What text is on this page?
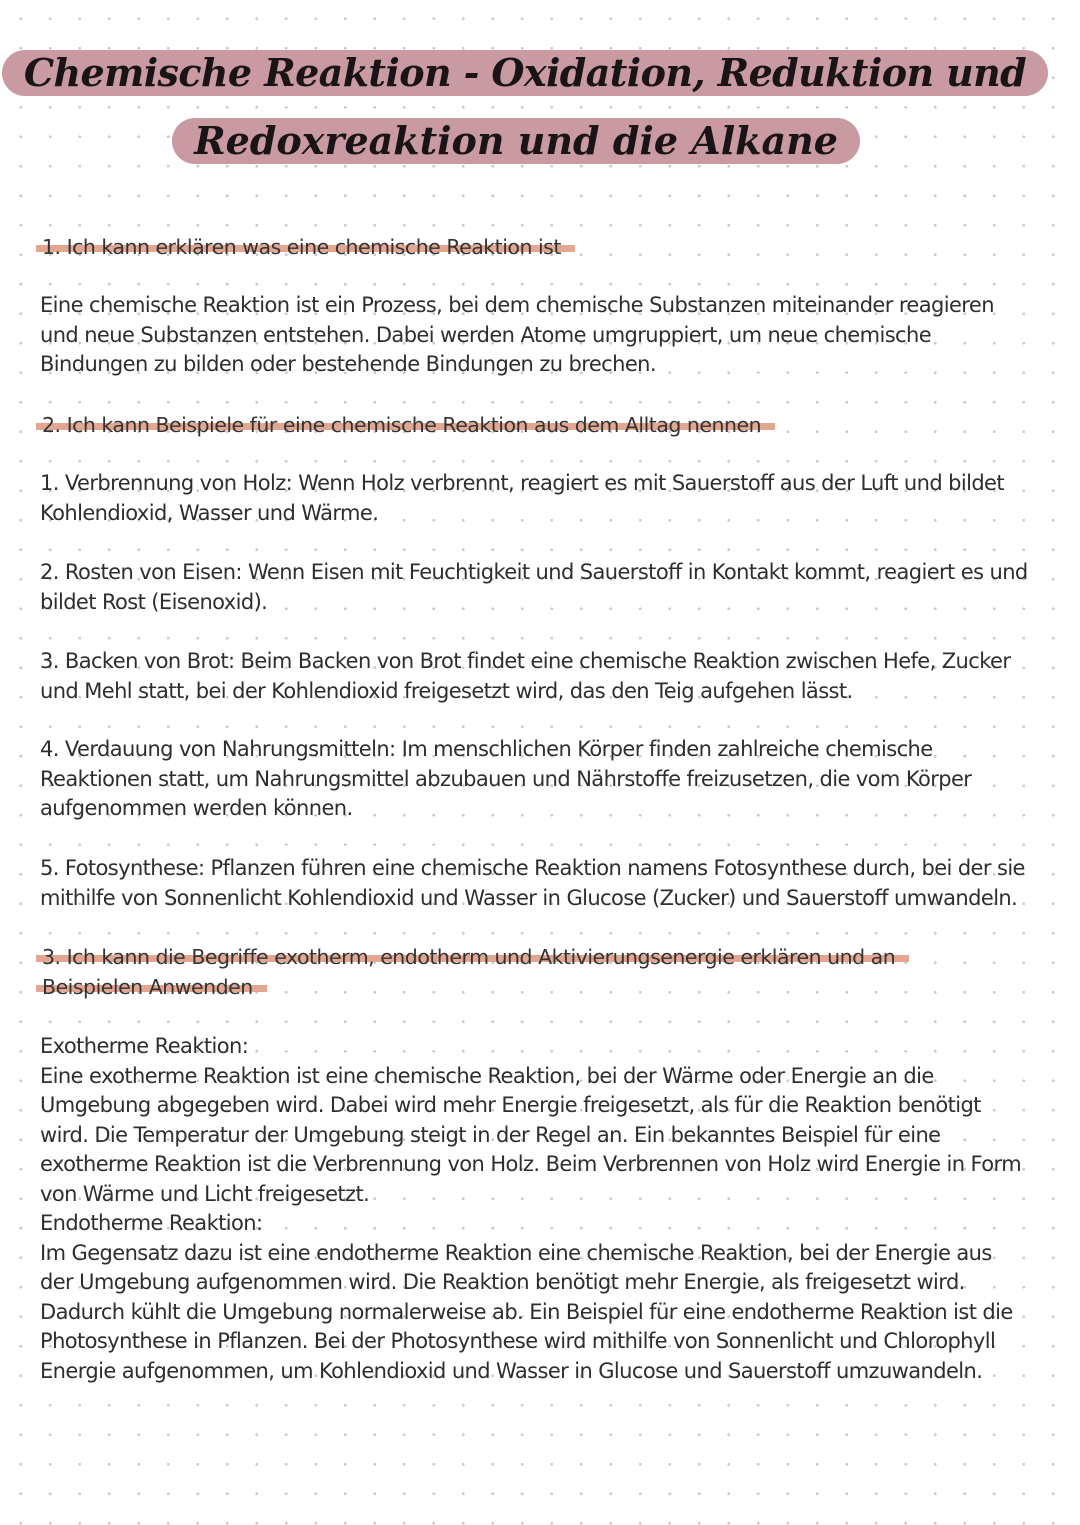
Chemische Reaktion - Oxidation, Reduktion und
Redoxreaktion und die Alkane
1. Ich kann erklären was eine chemische Reaktion ist

Eine chemische Reaktion ist ein Prozess, bei dem chemische Substanzen miteinander reagieren und neue Substanzen entstehen. Dabei werden Atome umgruppiert, um neue chemische Bindungen zu bilden oder bestehende Bindungen zu brechen.

2. Ich kann Beispiele für eine chemische Reaktion aus dem Alltag nennen

1. Verbrennung von Holz: Wenn Holz verbrennt, reagiert es mit Sauerstoff aus der Luft und bildet Kohlendioxid, Wasser und Wärme.

2. Rosten von Eisen: Wenn Eisen mit Feuchtigkeit und Sauerstoff in Kontakt kommt, reagiert es und bildet Rost (Eisenoxid).

3. Backen von Brot: Beim Backen von Brot findet eine chemische Reaktion zwischen Hefe, Zucker und Mehl statt, bei der Kohlendioxid freigesetzt wird, das den Teig aufgehen lässt.

4. Verdauung von Nahrungsmitteln: Im menschlichen Körper finden zahlreiche chemische Reaktionen statt, um Nahrungsmittel abzubauen und Nährstoffe freizusetzen, die vom Körper aufgenommen werden können.

5. Fotosynthese: Pflanzen führen eine chemische Reaktion namens Fotosynthese durch, bei der sie mithilfe von Sonnenlicht Kohlendioxid und Wasser in Glucose (Zucker) und Sauerstoff umwandeln.

3. Ich kann die Begriffe exotherm, endotherm und Aktivierungsenergie erklären und an Beispielen Anwenden
Exotherme Reaktion:
Eine exotherme Reaktion ist eine chemische Reaktion, bei der Wärme oder Energie an die Umgebung abgegeben wird. Dabei wird mehr Energie freigesetzt, als für die Reaktion benötigt wird. Die Temperatur der Umgebung steigt in der Regel an. Ein bekanntes Beispiel für eine exotherme Reaktion ist die Verbrennung von Holz. Beim Verbrennen von Holz wird Energie in Form von Wärme und Licht freigesetzt.
Endotherme Reaktion:
Im Gegensatz dazu ist eine endotherme Reaktion eine chemische Reaktion, bei der Energie aus der Umgebung aufgenommen wird. Die Reaktion benötigt mehr Energie, als freigesetzt wird. Dadurch kühlt die Umgebung normalerweise ab. Ein Beispiel für eine endotherme Reaktion ist die Photosynthese in Pflanzen. Bei der Photosynthese wird mithilfe von Sonnenlicht und Chlorophyll Energie aufgenommen, um Kohlendioxid und Wasser in Glucose und Sauerstoff umzuwandeln.
